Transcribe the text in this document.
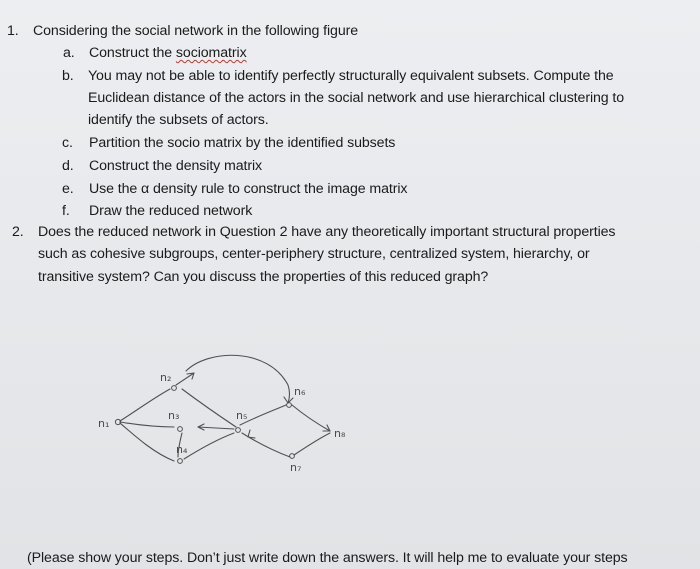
1. Considering the social network in the following figure
a. Construct the sociomatrix
b. You may not be able to identify perfectly structurally equivalent subsets. Compute the
Euclidean distance of the actors in the social network and use hierarchical clustering to
identify the subsets of actors.
c. Partition the socio matrix by the identified subsets
d. Construct the density matrix
e. Use the α density rule to construct the image matrix
f. Draw the reduced network
2. Does the reduced network in Question 2 have any theoretically important structural properties
such as cohesive subgroups, center-periphery structure, centralized system, hierarchy, or
transitive system? Can you discuss the properties of this reduced graph?
n₁
n₂
n₃
n₄
n₅
n₆
n₇
n₈
(Please show your steps. Don’t just write down the answers. It will help me to evaluate your steps
